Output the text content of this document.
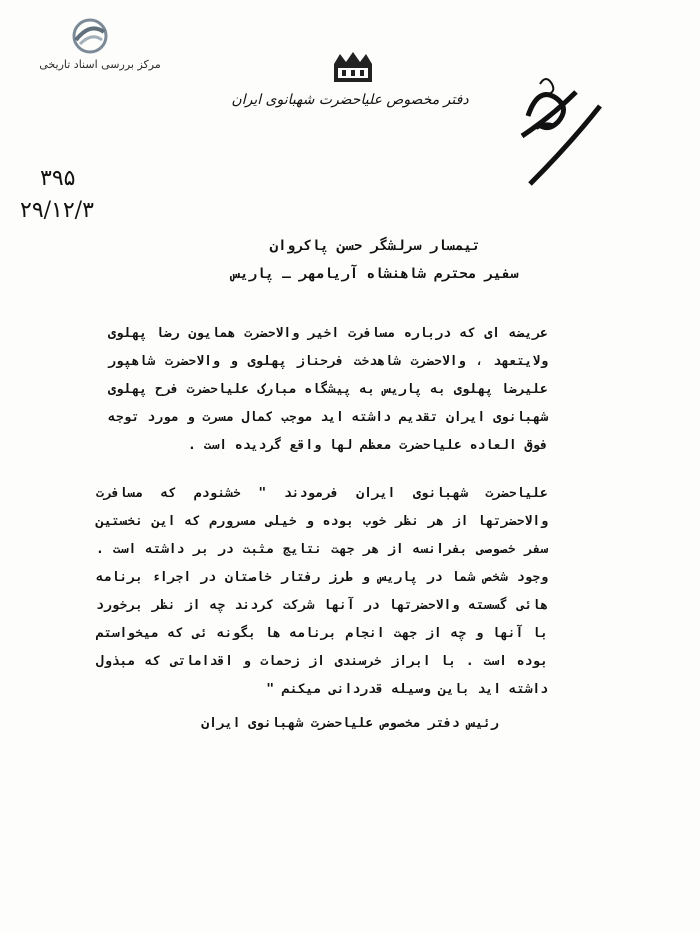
مرکز بررسی اسناد تاریخی
دفتر مخصوص علیاحضرت شهبانوی ایران
۳۹۵
۲۹/۱۲/۳
تیمسار سرلشگر حسن پاکروان
سفیر محترم شاهنشاه آریامهر ـ پاریس
عریضه ای که درباره مسافرت اخیر والاحضرت همایون رضا پهلوی ولایتعهد ، والاحضرت شاهدخت فرحناز پهلوی و والاحضرت شاهپور علیرضا پهلوی به پاریس به پیشگاه مبارک علیاحضرت فرح پهلوی شهبانوی ایران تقدیم داشته اید موجب کمال مسرت و مورد توجه فوق العاده علیاحضرت معظم لها واقع گردیده است .
علیاحضرت شهبانوی ایران فرمودند " خشنودم که مسافرت والاحضرتها از هر نظر خوب بوده و خیلی مسرورم که این نخستین سفر خصوصی بفرانسه از هر جهت نتایج مثبت در بر داشته است . وجود شخص شما در پاریس و طرز رفتار خاصتان در اجراء برنامه هائی گسسته والاحضرتها در آنها شرکت کردند چه از نظر برخورد با آنها و چه از جهت انجام برنامه ها بگونه ئی که میخواستم بوده است . با ابراز خرسندی از زحمات و اقداماتی که مبذول داشته اید باین وسیله قدردانی میکنم "
رئیس دفتر مخصوص علیاحضرت شهبانوی ایران
